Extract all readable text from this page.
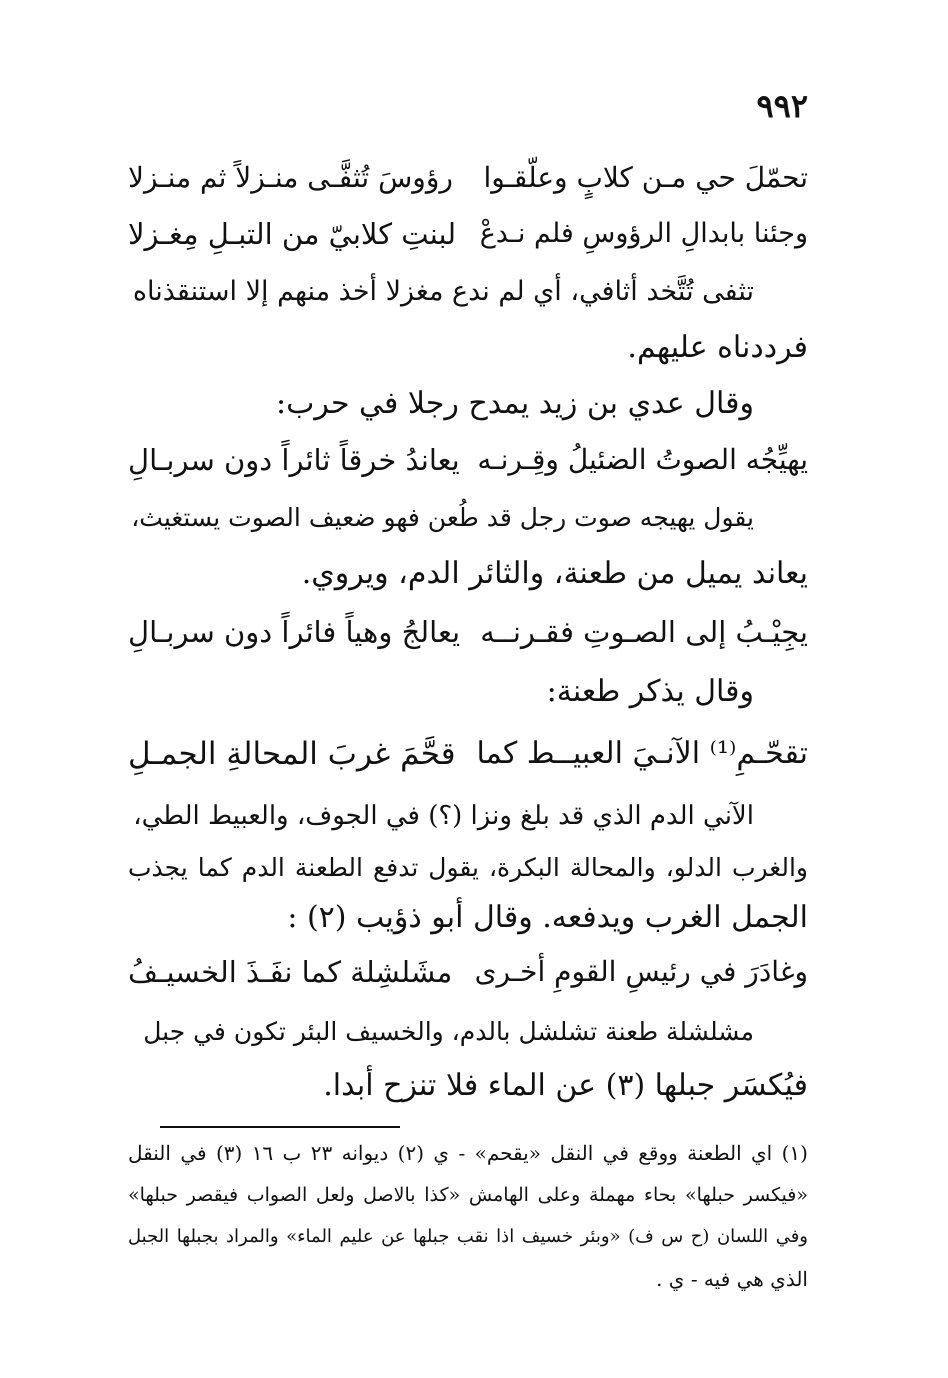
٩٩٢
تحمّلَ حي مـن كلابٍ وعلّقـوا
رؤوسَ تُثفَّـى منـزلاً ثم منـزلا
وجئنا بابدالِ الرؤوسِ فلم نـدعْ
لبنتِ كلابيّ من التبـلِ مِغـزلا
تثفى تُتَّخد أثافي، أي لم ندع مغزلا أخذ منهم إلا استنقذناه
فرددناه عليهم.
وقال عدي بن زيد يمدح رجلا في حرب:
يهيِّجُه الصوتُ الضئيلُ وقِـرنـه
يعاندُ خرقاً ثائراً دون سربـالِ
يقول يهيجه صوت رجل قد طُعن فهو ضعيف الصوت يستغيث،
يعاند يميل من طعنة، والثائر الدم، ويروي.
يجِيْـبُ إلى الصـوتِ فقـرنــه
يعالجُ وهياً فائراً دون سربـالِ
وقال يذكر طعنة:
تقحّـمِ⁽¹⁾ الآنـيَ العبيــط كما
قحَّمَ غربَ المحالةِ الجمـلِ
الآني الدم الذي قد بلغ ونزا (؟) في الجوف، والعبيط الطي،
والغرب الدلو، والمحالة البكرة، يقول تدفع الطعنة الدم كما يجذب
الجمل الغرب ويدفعه. وقال أبو ذؤيب (٢) :
وغادَرَ في رئيسِ القومِ أخـرى
مشَلشِلة كما نفَـذَ الخسيـفُ
مشلشلة طعنة تشلشل بالدم، والخسيف البئر تكون في جبل
فيُكسَر جبلها (٣) عن الماء فلا تنزح أبدا.
(١) اي الطعنة ووقع في النقل «يقحم» - ي (٢) ديوانه ٢٣ ب ١٦ (٣) في النقل
«فيكسر حبلها» بحاء مهملة وعلى الهامش «كذا بالاصل ولعل الصواب فيقصر حبلها»
وفي اللسان (ح س ف) «وبئر خسيف اذا نقب جبلها عن عليم الماء» والمراد بجبلها الجبل
الذي هي فيه - ي .
